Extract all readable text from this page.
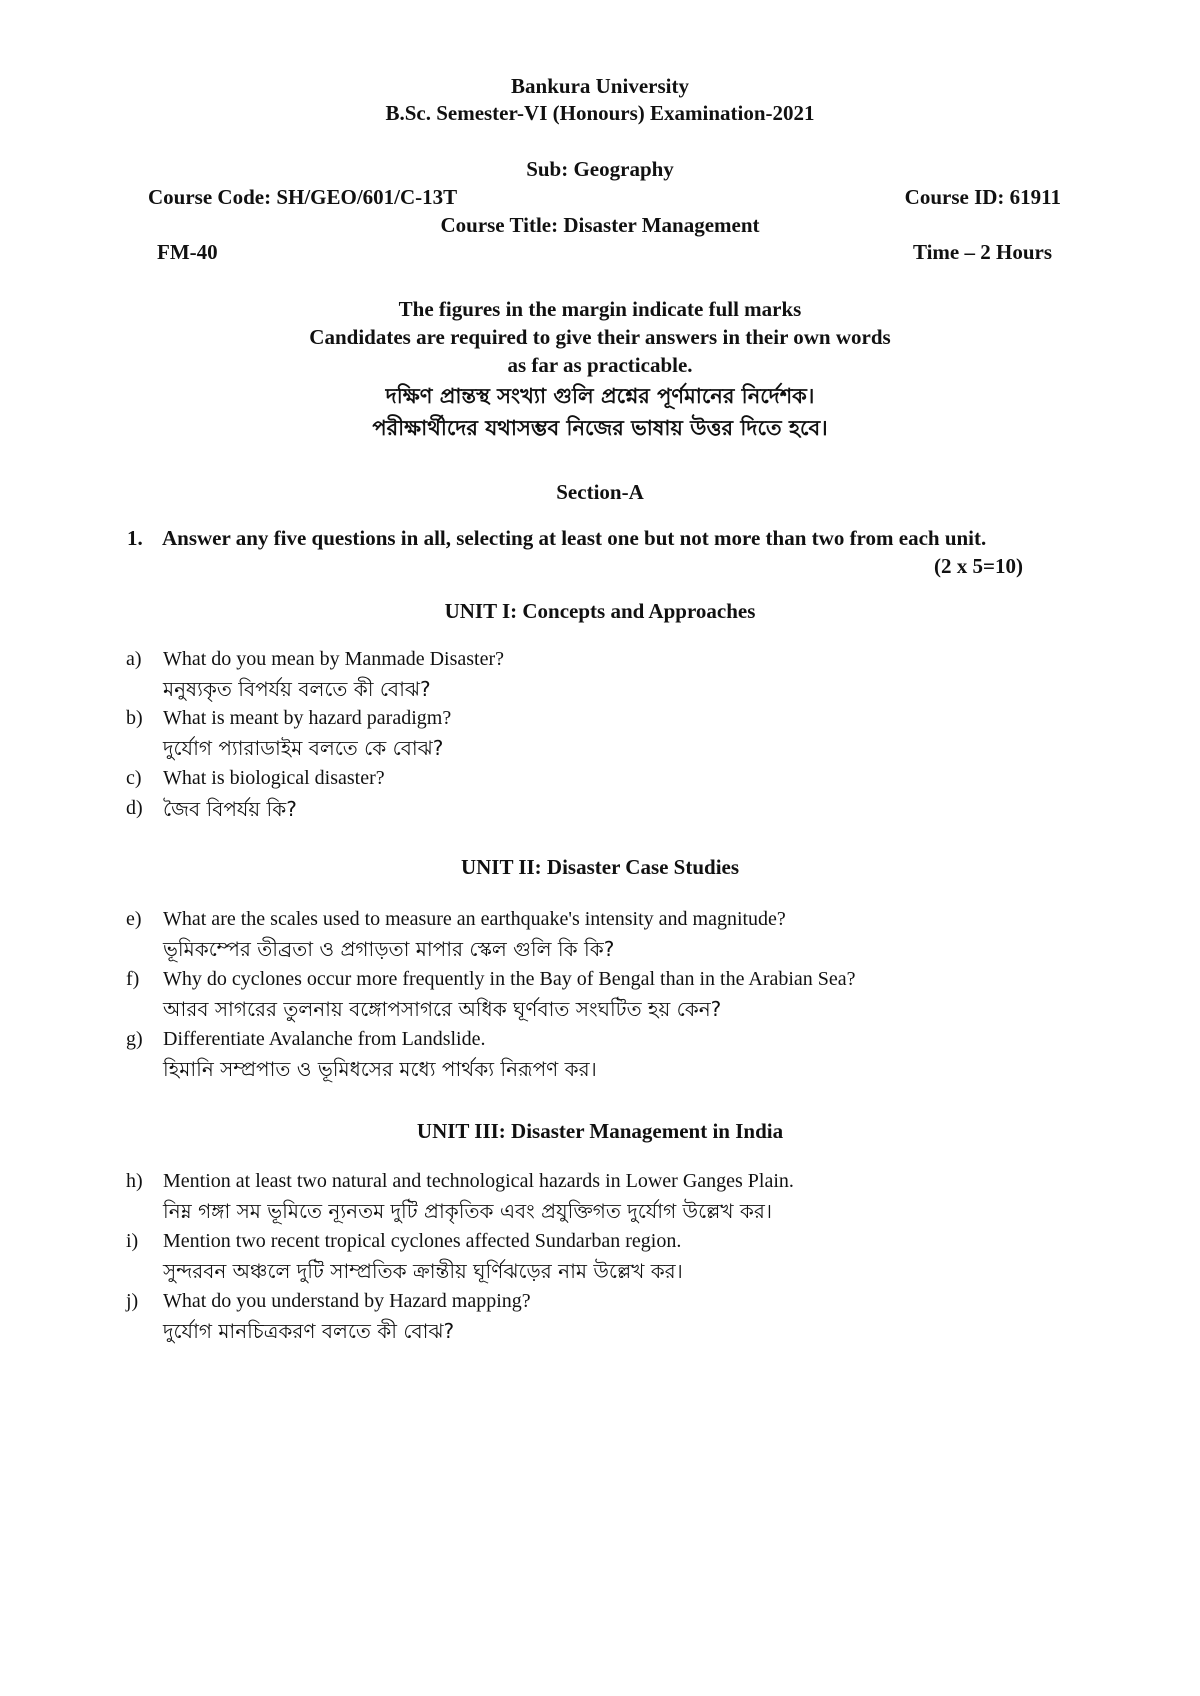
Bankura University
B.Sc. Semester-VI (Honours) Examination-2021
Sub: Geography
Course Code: SH/GEO/601/C-13T	Course ID: 61911
Course Title: Disaster Management
FM-40	Time – 2 Hours
The figures in the margin indicate full marks
Candidates are required to give their answers in their own words
as far as practicable.
দক্ষিণ প্রান্তস্থ সংখ্যা গুলি প্রশ্নের পূর্ণমানের নির্দেশক।
পরীক্ষার্থীদের যথাসম্ভব নিজের ভাষায় উত্তর দিতে হবে।
Section-A
1. Answer any five questions in all, selecting at least one but not more than two from each unit.
(2 x 5=10)
UNIT I: Concepts and Approaches
a) What do you mean by Manmade Disaster?
মনুষ্যকৃত বিপর্যয় বলতে কী বোঝ?
b) What is meant by hazard paradigm?
দুর্যোগ প্যারাডাইম বলতে কে বোঝ?
c) What is biological disaster?
d) জৈব বিপর্যয় কি?
UNIT II: Disaster Case Studies
e) What are the scales used to measure an earthquake's intensity and magnitude?
ভূমিকম্পের তীব্রতা ও প্রগাড়তা মাপার স্কেল গুলি কি কি?
f) Why do cyclones occur more frequently in the Bay of Bengal than in the Arabian Sea?
আরব সাগরের তুলনায় বঙ্গোপসাগরে অধিক ঘূর্ণবাত সংঘটিত হয় কেন?
g) Differentiate Avalanche from Landslide.
হিমানি সম্প্রপাত ও ভূমিধসের মধ্যে পার্থক্য নিরূপণ কর।
UNIT III: Disaster Management in India
h) Mention at least two natural and technological hazards in Lower Ganges Plain.
নিম্ন গঙ্গা সম ভূমিতে ন্যূনতম দুটি প্রাকৃতিক এবং প্রযুক্তিগত দুর্যোগ উল্লেখ কর।
i) Mention two recent tropical cyclones affected Sundarban region.
সুন্দরবন অঞ্চলে দুটি সাম্প্রতিক ক্রান্তীয় ঘূর্ণিঝড়ের নাম উল্লেখ কর।
j) What do you understand by Hazard mapping?
দুর্যোগ মানচিত্রকরণ বলতে কী বোঝ?
